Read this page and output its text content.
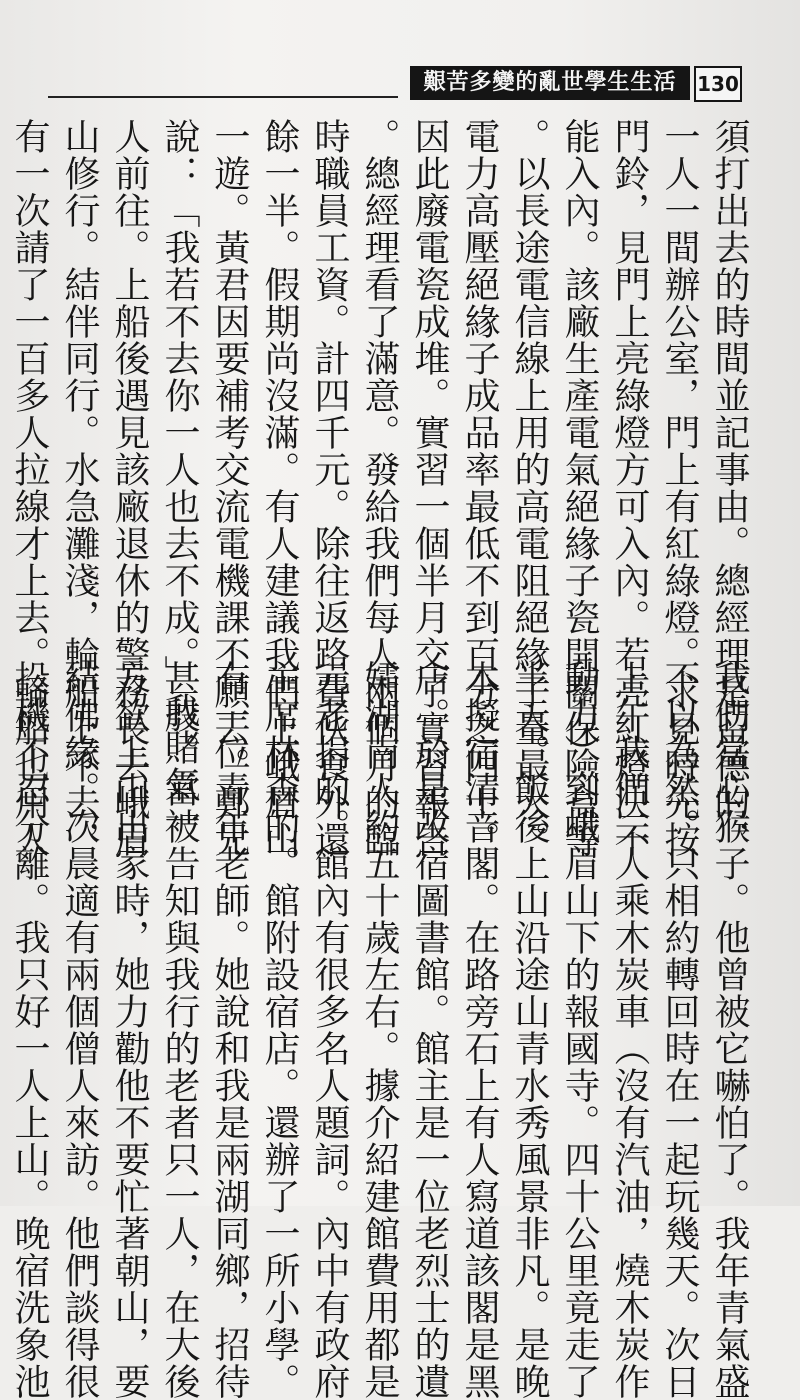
艱苦多變的亂世學生生活	130
須打出去的時間並記事由。總經理是留德的，
一人一間辦公室，門上有紅綠燈。求見時先按
門鈴，見門上亮綠燈方可入內。若亮紅燈決不
能入內。該廠生產電氣絕緣子瓷開關保險盒等
。以長途電信線上用的高電阻絕緣子量最大。
電力高壓絕緣子成品率最低不到百分之四十。
因此廢電瓷成堆。實習一個半月交了實習報告
。總經理看了滿意。發給我們每人兩個月的臨
時職員工資。計四千元。除往返路費伙食外還
餘一半。假期尚沒滿。有人建議我們上峨眉山
一遊。黃君因要補考交流電機課不願去。鄭兄
說：「我若不去你一人也去不成。」我賭氣一
人前往。上船後遇見該廠退休的警務長去峨眉
山修行。結伴同行。水急灘淺，輪船上不去，
有一次請了一百多人拉線才上去。輪船也用人
我們當心猴子。他曾被它嚇怕了。我年青氣盛
不以為然。只相約轉回時在一起玩幾天。次日
上午我們二人乘木炭車（沒有汽油，燒木炭作
動力）到峨眉山下的報國寺。四十公里竟走了
半天。飯後上山沿途山青水秀風景非凡。是晚
本擬宿清音閣。在路旁石上有人寫道該閣是黑
店。於是改宿圖書館。館主是一位老烈士的遺
孀湖南人約五十歲左右。據介紹建館費用都是
元老捐的。館內有很多名人題詞。內中有政府
主席林森的。館附設宿店。還辦了一所小學。
有一位青年老師。她說和我是兩湖同鄉，招待
甚殷。當被告知與我行的老者只一人，在大後
方欲上山出家時，她力勸他不要忙著朝山，要
結佛緣。次晨適有兩個僧人來訪。他們談得很
投機不忍分離。我只好一人上山。晚宿洗象池
